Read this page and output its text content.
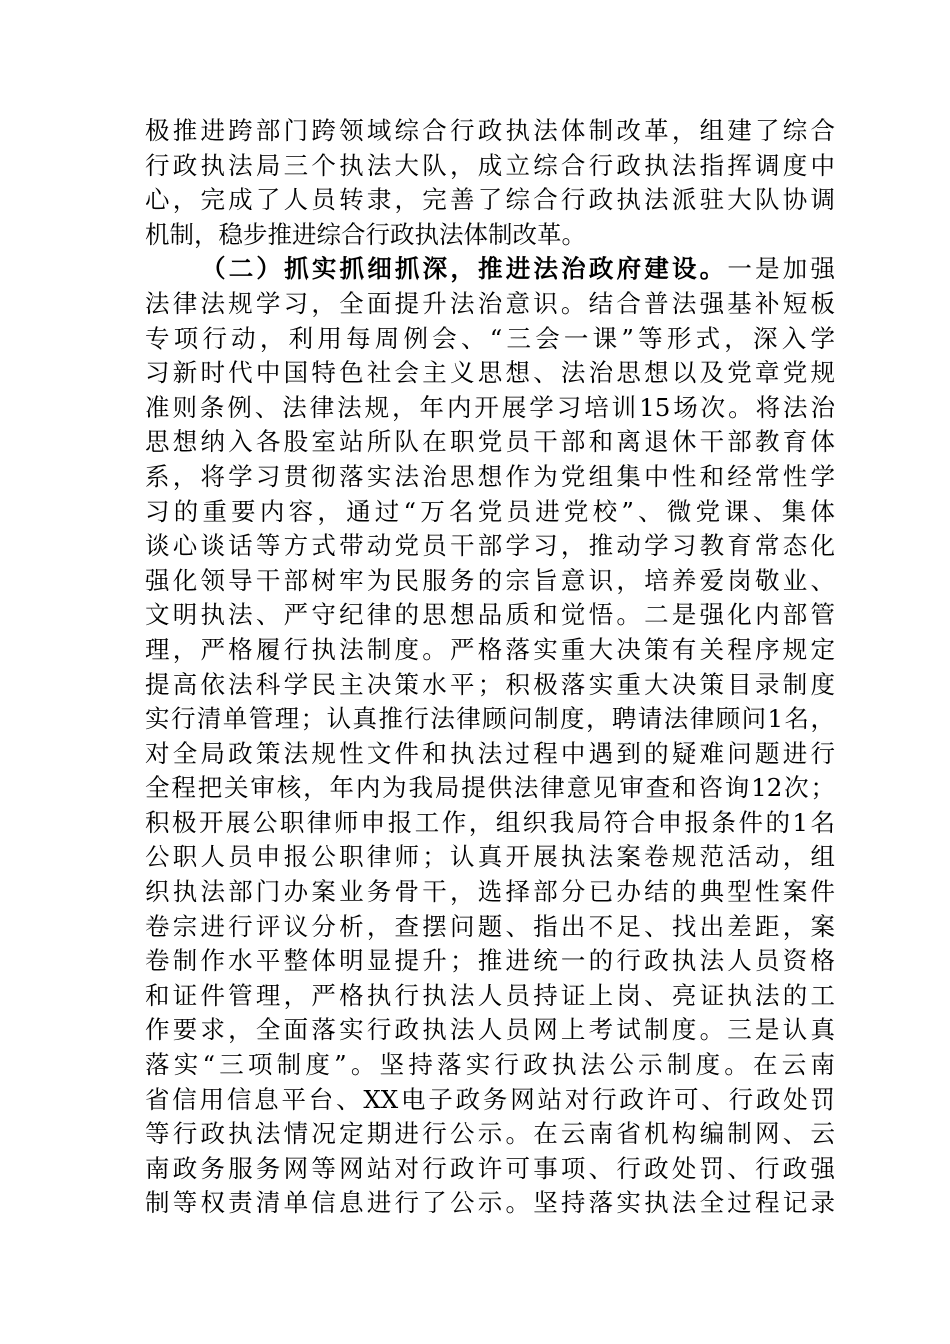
极推进跨部门跨领域综合行政执法体制改革，组建了综合
行政执法局三个执法大队，成立综合行政执法指挥调度中
心，完成了人员转隶，完善了综合行政执法派驻大队协调
机制，稳步推进综合行政执法体制改革。
（二）抓实抓细抓深，推进法治政府建设。一是加强
法律法规学习，全面提升法治意识。结合普法强基补短板
专项行动，利用每周例会、“三会一课”等形式，深入学
习新时代中国特色社会主义思想、法治思想以及党章党规
准则条例、法律法规，年内开展学习培训15场次。将法治
思想纳入各股室站所队在职党员干部和离退休干部教育体
系，将学习贯彻落实法治思想作为党组集中性和经常性学
习的重要内容，通过“万名党员进党校”、微党课、集体
谈心谈话等方式带动党员干部学习，推动学习教育常态化
强化领导干部树牢为民服务的宗旨意识，培养爱岗敬业、
文明执法、严守纪律的思想品质和觉悟。二是强化内部管
理，严格履行执法制度。严格落实重大决策有关程序规定
提高依法科学民主决策水平；积极落实重大决策目录制度
实行清单管理；认真推行法律顾问制度，聘请法律顾问1名，
对全局政策法规性文件和执法过程中遇到的疑难问题进行
全程把关审核，年内为我局提供法律意见审查和咨询12次；
积极开展公职律师申报工作，组织我局符合申报条件的1名
公职人员申报公职律师；认真开展执法案卷规范活动，组
织执法部门办案业务骨干，选择部分已办结的典型性案件
卷宗进行评议分析，查摆问题、指出不足、找出差距，案
卷制作水平整体明显提升；推进统一的行政执法人员资格
和证件管理，严格执行执法人员持证上岗、亮证执法的工
作要求，全面落实行政执法人员网上考试制度。三是认真
落实“三项制度”。坚持落实行政执法公示制度。在云南
省信用信息平台、XX电子政务网站对行政许可、行政处罚
等行政执法情况定期进行公示。在云南省机构编制网、云
南政务服务网等网站对行政许可事项、行政处罚、行政强
制等权责清单信息进行了公示。坚持落实执法全过程记录
